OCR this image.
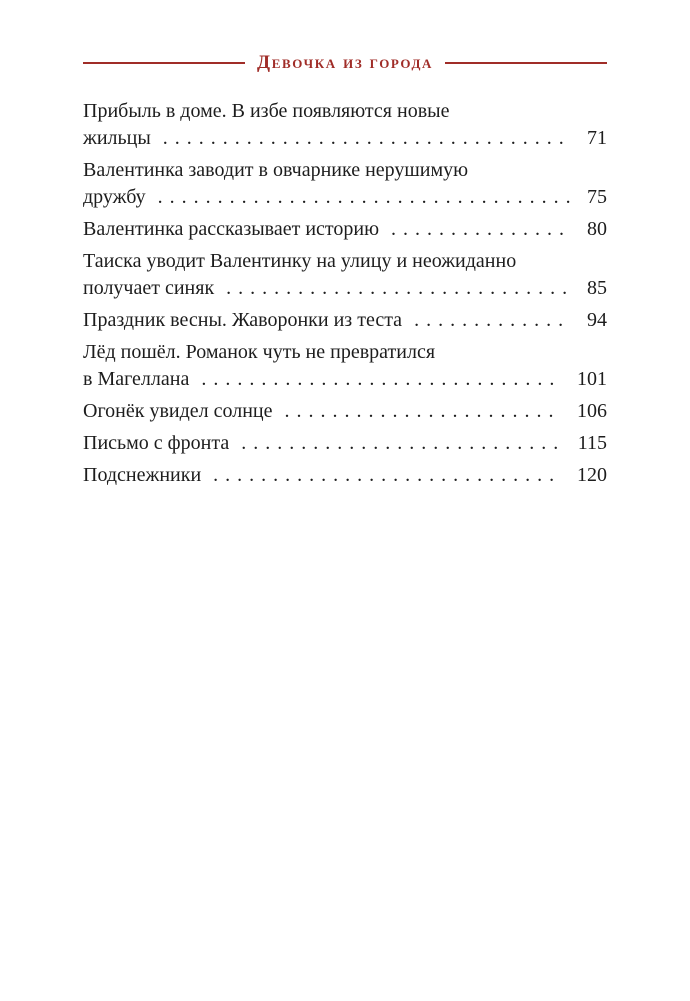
Девочка из города
Прибыль в доме. В избе появляются новые
жильцы . . .	71
Валентинка заводит в овчарнике нерушимую
дружбу . . .	75
Валентинка рассказывает историю . . .	80
Таиска уводит Валентинку на улицу и неожиданно
получает синяк . . .	85
Праздник весны. Жаворонки из теста . . .	94
Лёд пошёл. Романок чуть не превратился
в Магеллана . . .	101
Огонёк увидел солнце . . .	106
Письмо с фронта . . .	115
Подснежники . . .	120
